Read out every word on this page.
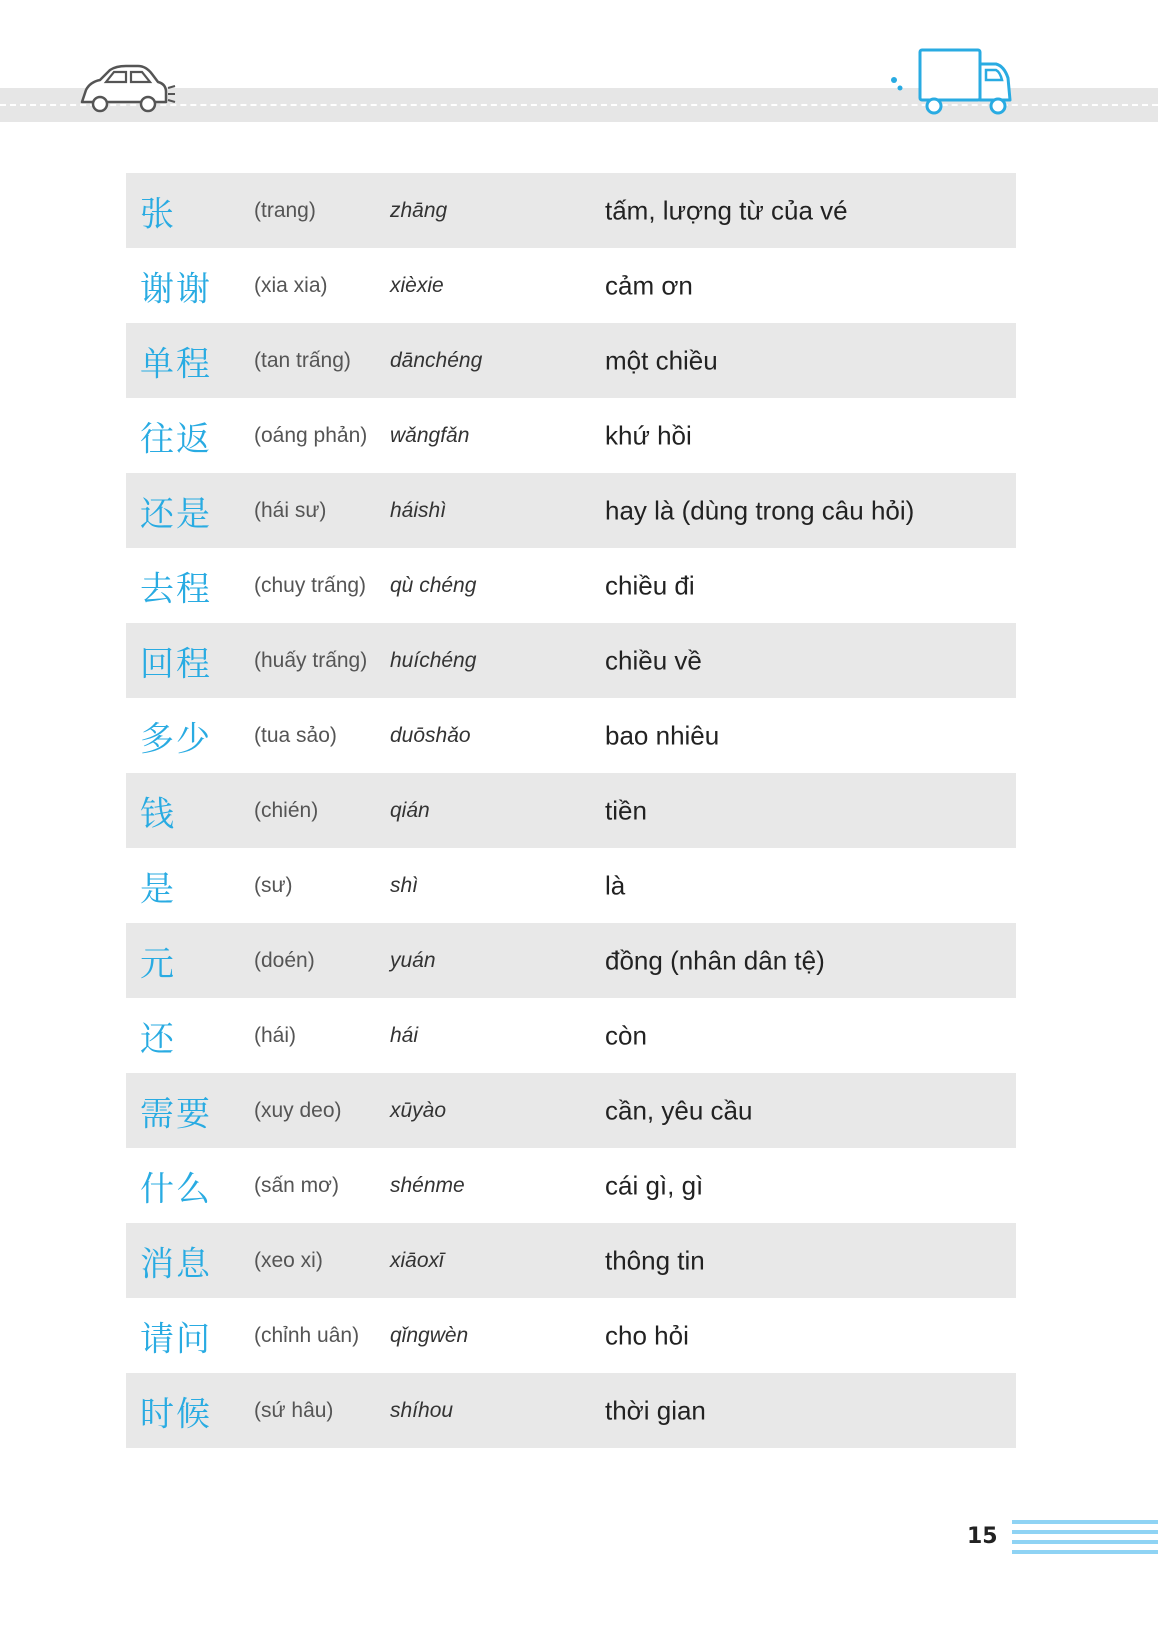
张	(trang)	zhāng	tấm, lượng từ của vé
谢谢 (xia xia)	xièxie	cảm ơn
单程 (tan trấng) dānchéng	một chiều
往返 (oáng phản) wǎngfǎn	khứ hồi
还是 (hái sư)	háishì	hay là (dùng trong câu hỏi)
去程 (chuy trấng) qù chéng	chiều đi
回程 (huấy trấng) huíchéng	chiều về
多少 (tua sảo)	duōshǎo	bao nhiêu
钱	(chién)	qián	tiền
是	(sư)	shì	là
元	(doén)	yuán	đồng (nhân dân tệ)
还	(hái)	hái	còn
需要 (xuy deo) xūyào	cần, yêu cầu
什么 (sấn mơ) shénme	cái gì, gì
消息 (xeo xi)	xiāoxī	thông tin
请问 (chỉnh uân) qǐngwèn	cho hỏi
时候 (sứ hâu)	shíhou	thời gian
15
